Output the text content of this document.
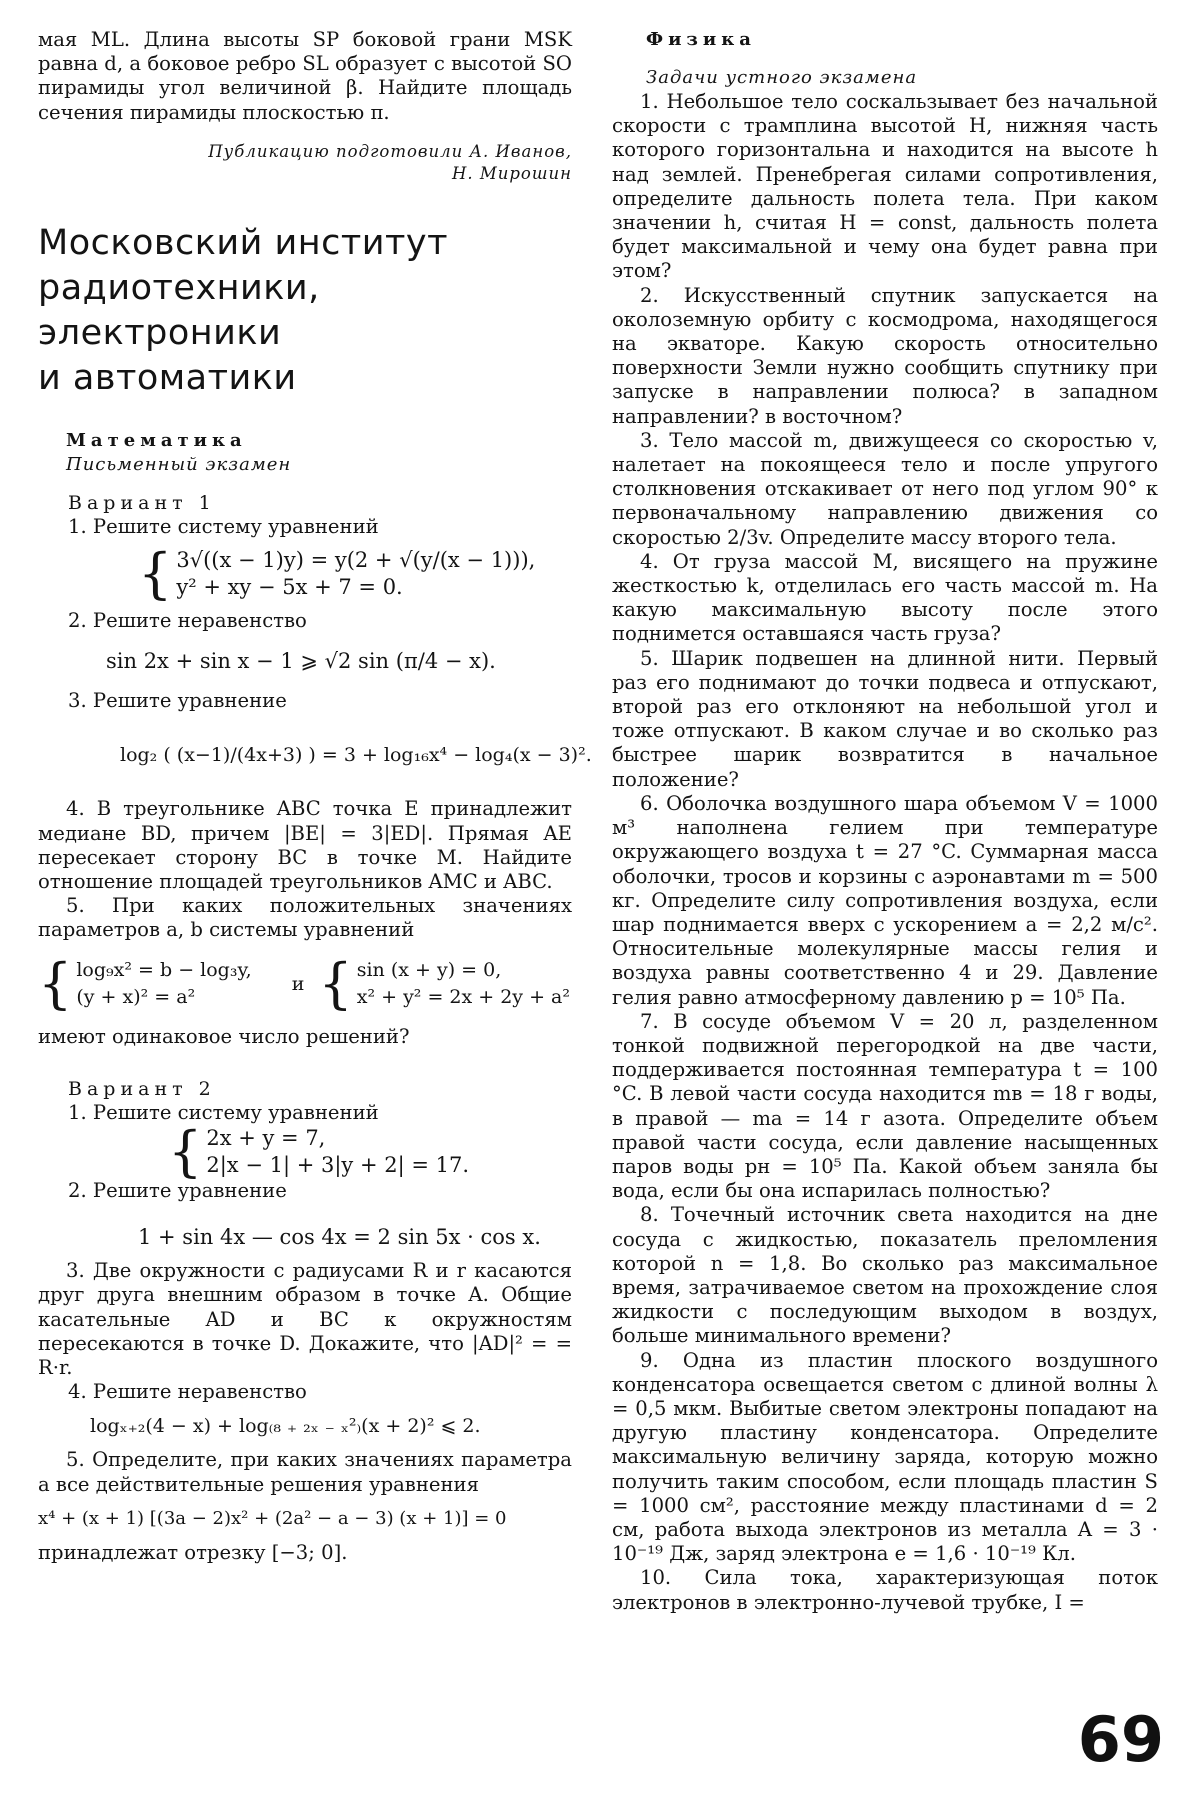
мая ML. Длина высоты SP боковой грани MSK равна d, а боковое ребро SL образует с высотой SO пирамиды угол величиной β. Найдите площадь сечения пирамиды плоскостью π.

Публикацию подготовили А. Иванов,

Н. Мирошин

Московский институт
радиотехники,
электроники
и автоматики
Математика
Письменный экзамен
Вариант 1
1. Решите систему уравнений
{ 3√((x − 1)y) = y(2 + √(y/(x − 1))),
y² + xy − 5x + 7 = 0.
2. Решите неравенство
sin 2x + sin x − 1 ⩾ √2 sin (π/4 − x).
3. Решите уравнение
log₂ ( (x−1)/(4x+3) ) = 3 + log₁₆x⁴ − log₄(x − 3)².

4. В треугольнике ABC точка E принадлежит медиане BD, причем |BE| = 3|ED|. Прямая AE пересекает сторону BC в точке M. Найдите отношение площадей треугольников AMC и ABC.

5. При каких положительных значениях параметров a, b системы уравнений

{ log₉x² = b − log₃y,
(y + x)² = a²
и { sin (x + y) = 0,
x² + y² = 2x + 2y + a²

имеют одинаковое число решений?

Вариант 2
1. Решите систему уравнений
{ 2x + y = 7,
2|x − 1| + 3|y + 2| = 17.
2. Решите уравнение
1 + sin 4x — cos 4x = 2 sin 5x · cos x.

3. Две окружности с радиусами R и r касаются друг друга внешним образом в точке A. Общие касательные AD и BC к окружностям пересекаются в точке D. Докажите, что |AD|² = = R·r.

4. Решите неравенство
logₓ₊₂(4 − x) + log₍₈ ₊ ₂ₓ ₋ ₓ²₎(x + 2)² ⩽ 2.

5. Определите, при каких значениях параметра a все действительные решения уравнения

x⁴ + (x + 1) [(3a − 2)x² + (2a² − a − 3) (x + 1)] = 0

принадлежат отрезку [−3; 0].

Физика
Задачи устного экзамена

1. Небольшое тело соскальзывает без начальной скорости с трамплина высотой H, нижняя часть которого горизонтальна и находится на высоте h над землей. Пренебрегая силами сопротивления, определите дальность полета тела. При каком значении h, считая H = const, дальность полета будет максимальной и чему она будет равна при этом?

2. Искусственный спутник запускается на околоземную орбиту с космодрома, находящегося на экваторе. Какую скорость относительно поверхности Земли нужно сообщить спутнику при запуске в направлении полюса? в западном направлении? в восточном?

3. Тело массой m, движущееся со скоростью v, налетает на покоящееся тело и после упругого столкновения отскакивает от него под углом 90° к первоначальному направлению движения со скоростью 2/3v. Определите массу второго тела.

4. От груза массой M, висящего на пружине жесткостью k, отделилась его часть массой m. На какую максимальную высоту после этого поднимется оставшаяся часть груза?

5. Шарик подвешен на длинной нити. Первый раз его поднимают до точки подвеса и отпускают, второй раз его отклоняют на небольшой угол и тоже отпускают. В каком случае и во сколько раз быстрее шарик возвратится в начальное положение?

6. Оболочка воздушного шара объемом V = 1000 м³ наполнена гелием при температуре окружающего воздуха t = 27 °C. Суммарная масса оболочки, тросов и корзины с аэронавтами m = 500 кг. Определите силу сопротивления воздуха, если шар поднимается вверх с ускорением a = 2,2 м/с². Относительные молекулярные массы гелия и воздуха равны соответственно 4 и 29. Давление гелия равно атмосферному давлению p = 10⁵ Па.

7. В сосуде объемом V = 20 л, разделенном тонкой подвижной перегородкой на две части, поддерживается постоянная температура t = 100 °C. В левой части сосуда находится mв = 18 г воды, в правой — mа = 14 г азота. Определите объем правой части сосуда, если давление насыщенных паров воды pн = 10⁵ Па. Какой объем заняла бы вода, если бы она испарилась полностью?

8. Точечный источник света находится на дне сосуда с жидкостью, показатель преломления которой n = 1,8. Во сколько раз максимальное время, затрачиваемое светом на прохождение слоя жидкости с последующим выходом в воздух, больше минимального времени?

9. Одна из пластин плоского воздушного конденсатора освещается светом с длиной волны λ = 0,5 мкм. Выбитые светом электроны попадают на другую пластину конденсатора. Определите максимальную величину заряда, которую можно получить таким способом, если площадь пластин S = 1000 см², расстояние между пластинами d = 2 см, работа выхода электронов из металла A = 3 · 10⁻¹⁹ Дж, заряд электрона e = 1,6 · 10⁻¹⁹ Кл.

10. Сила тока, характеризующая поток электронов в электронно-лучевой трубке, I =

69
